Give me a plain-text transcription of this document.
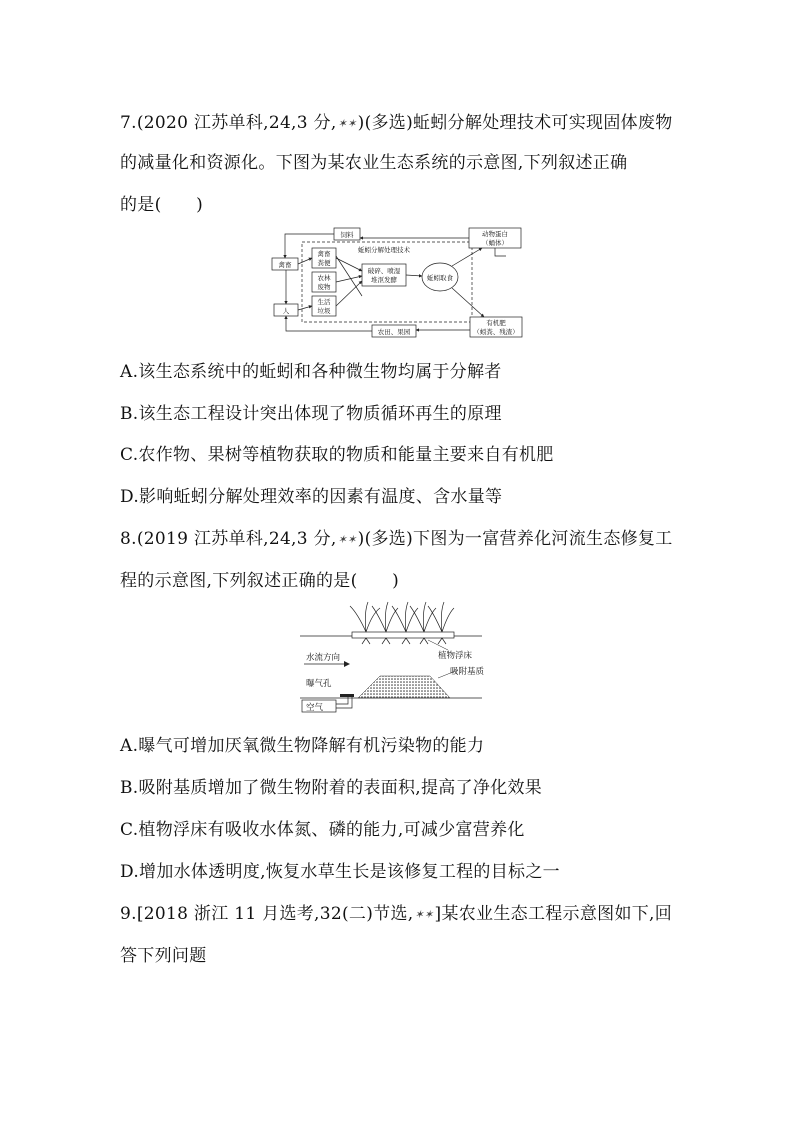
7.(2020 江苏单科,24,3 分,✶✶)(多选)蚯蚓分解处理技术可实现固体废物
的减量化和资源化。下图为某农业生态系统的示意图,下列叙述正确
的是(　　)
饲料	动物蛋白
（蛹体）
禽畜
人
禽畜
粪便
农林
废物
生活
垃圾
蚯蚓分解处理技术
破碎、喷湿
堆沤发酵	蚯蚓取食
农田、果园
有机肥
（蚓粪、残渣）
A.该生态系统中的蚯蚓和各种微生物均属于分解者
B.该生态工程设计突出体现了物质循环再生的原理
C.农作物、果树等植物获取的物质和能量主要来自有机肥
D.影响蚯蚓分解处理效率的因素有温度、含水量等
8.(2019 江苏单科,24,3 分,✶✶)(多选)下图为一富营养化河流生态修复工
程的示意图,下列叙述正确的是(　　)
水流方向
曝气孔
空气
植物浮床
吸附基质
A.曝气可增加厌氧微生物降解有机污染物的能力
B.吸附基质增加了微生物附着的表面积,提高了净化效果
C.植物浮床有吸收水体氮、磷的能力,可减少富营养化
D.增加水体透明度,恢复水草生长是该修复工程的目标之一
9.[2018 浙江 11 月选考,32(二)节选,✶✶]某农业生态工程示意图如下,回
答下列问题
